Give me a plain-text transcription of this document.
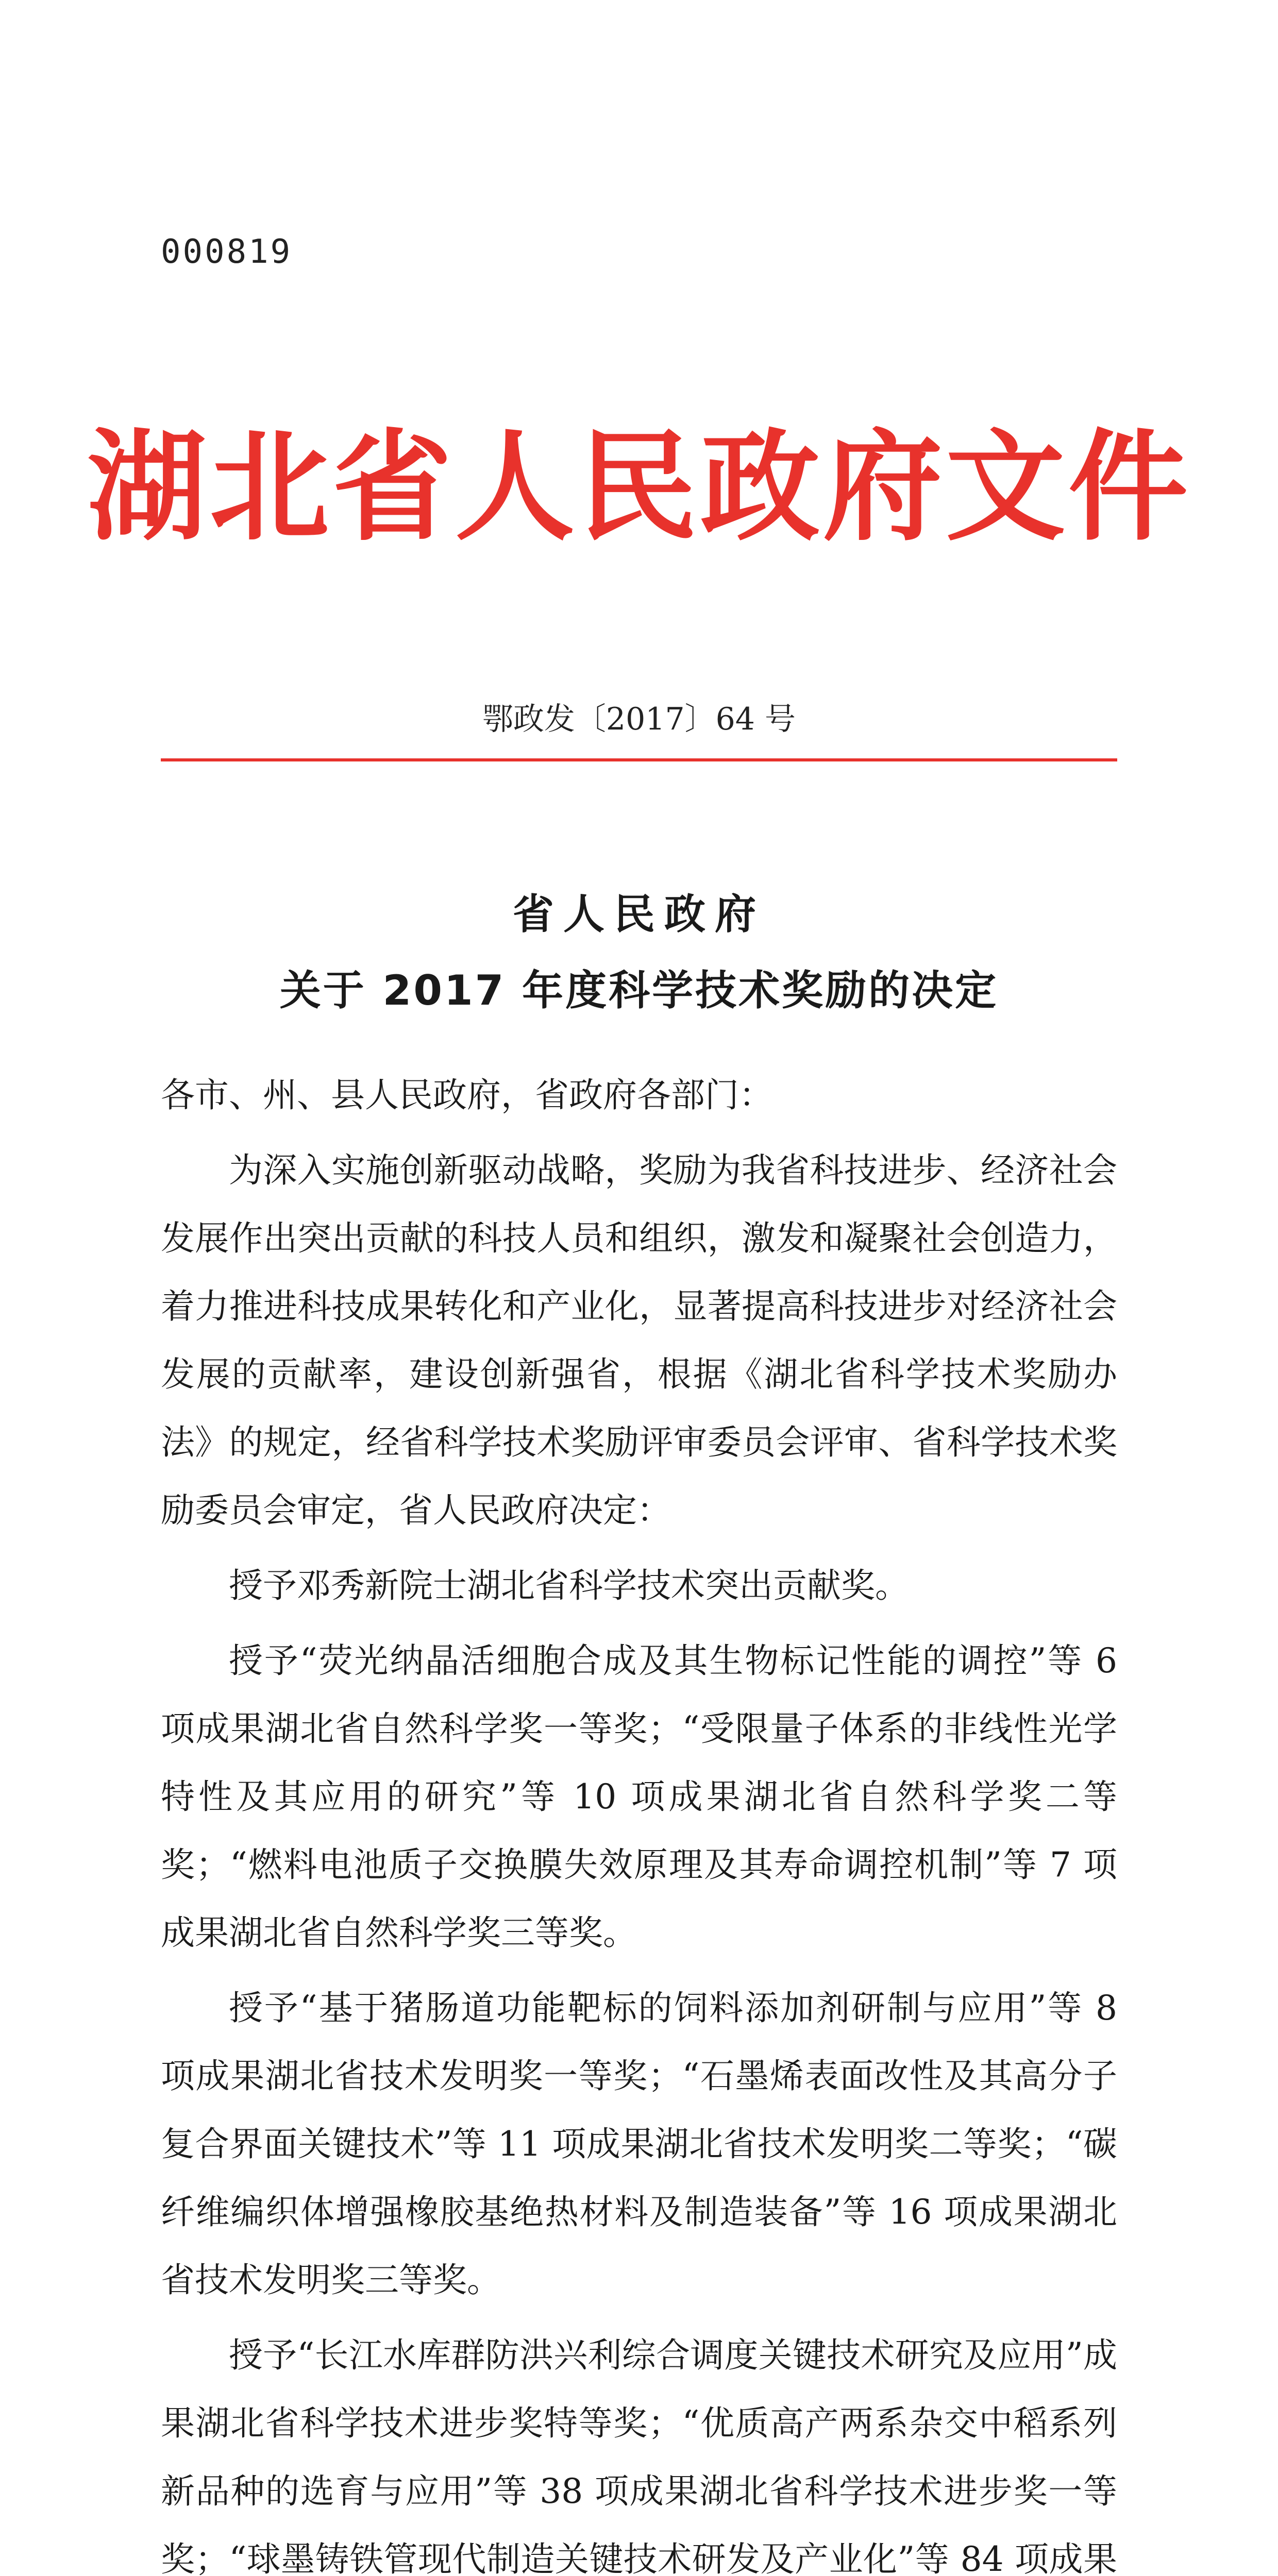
000819
湖北省人民政府文件
鄂政发〔2017〕64 号
省人民政府
关于 2017 年度科学技术奖励的决定

各市、州、县人民政府，省政府各部门：

为深入实施创新驱动战略，奖励为我省科技进步、经济社会发展作出突出贡献的科技人员和组织，激发和凝聚社会创造力，着力推进科技成果转化和产业化，显著提高科技进步对经济社会发展的贡献率，建设创新强省，根据《湖北省科学技术奖励办法》的规定，经省科学技术奖励评审委员会评审、省科学技术奖励委员会审定，省人民政府决定：

授予邓秀新院士湖北省科学技术突出贡献奖。

授予“荧光纳晶活细胞合成及其生物标记性能的调控”等 6 项成果湖北省自然科学奖一等奖；“受限量子体系的非线性光学特性及其应用的研究”等 10 项成果湖北省自然科学奖二等奖；“燃料电池质子交换膜失效原理及其寿命调控机制”等 7 项成果湖北省自然科学奖三等奖。

授予“基于猪肠道功能靶标的饲料添加剂研制与应用”等 8 项成果湖北省技术发明奖一等奖；“石墨烯表面改性及其高分子复合界面关键技术”等 11 项成果湖北省技术发明奖二等奖；“碳纤维编织体增强橡胶基绝热材料及制造装备”等 16 项成果湖北省技术发明奖三等奖。

授予“长江水库群防洪兴利综合调度关键技术研究及应用”成果湖北省科学技术进步奖特等奖；“优质高产两系杂交中稻系列新品种的选育与应用”等 38 项成果湖北省科学技术进步奖一等奖；“球墨铸铁管现代制造关键技术研发及产业化”等 84 项成果
